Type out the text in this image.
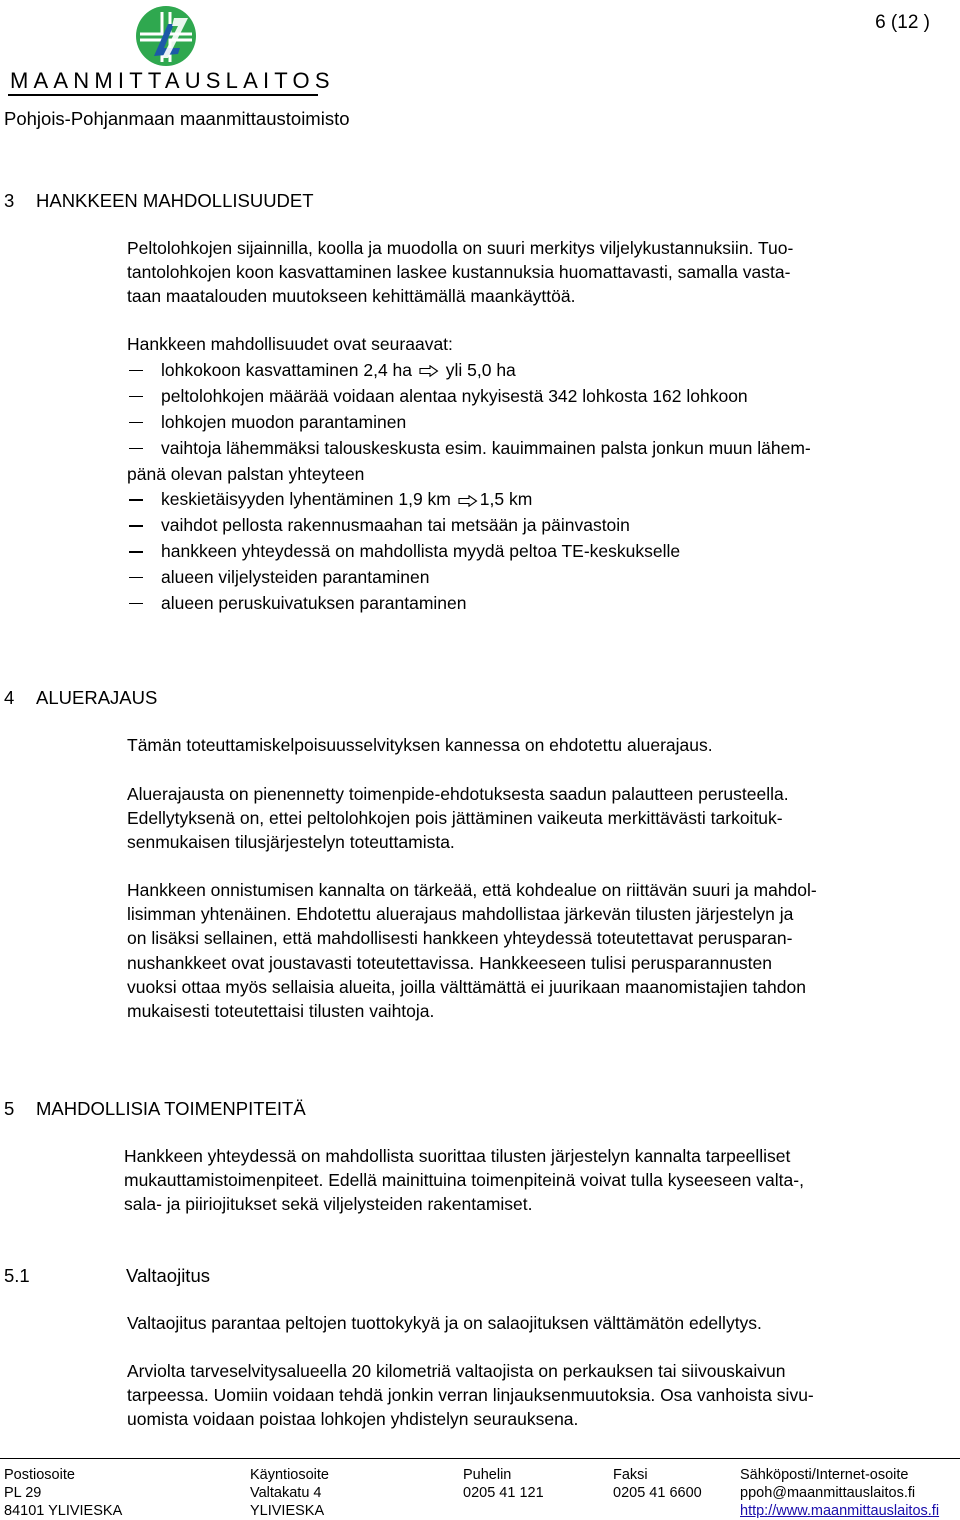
MAANMITTAUSLAITOS
Pohjois-Pohjanmaan maanmittaustoimisto
6 (12 )
3 HANKKEEN MAHDOLLISUUDET
Peltolohkojen sijainnilla, koolla ja muodolla on suuri merkitys viljelykustannuksiin. Tuo-
tantolohkojen koon kasvattaminen laskee kustannuksia huomattavasti, samalla vasta-
taan maatalouden muutokseen kehittämällä maankäyttöä.
Hankkeen mahdollisuudet ovat seuraavat:
lohkokoon kasvattaminen 2,4 ha yli 5,0 ha
peltolohkojen määrää voidaan alentaa nykyisestä 342 lohkosta 162 lohkoon
lohkojen muodon parantaminen
vaihtoja lähemmäksi talouskeskusta esim. kauimmainen palsta jonkun muun lähem-
pänä olevan palstan yhteyteen
keskietäisyyden lyhentäminen 1,9 km 1,5 km
vaihdot pellosta rakennusmaahan tai metsään ja päinvastoin
hankkeen yhteydessä on mahdollista myydä peltoa TE-keskukselle
alueen viljelysteiden parantaminen
alueen peruskuivatuksen parantaminen
4 ALUERAJAUS
Tämän toteuttamiskelpoisuusselvityksen kannessa on ehdotettu aluerajaus.
Aluerajausta on pienennetty toimenpide-ehdotuksesta saadun palautteen perusteella.
Edellytyksenä on, ettei peltolohkojen pois jättäminen vaikeuta merkittävästi tarkoituk-
senmukaisen tilusjärjestelyn toteuttamista.
Hankkeen onnistumisen kannalta on tärkeää, että kohdealue on riittävän suuri ja mahdol-
lisimman yhtenäinen. Ehdotettu aluerajaus mahdollistaa järkevän tilusten järjestelyn ja
on lisäksi sellainen, että mahdollisesti hankkeen yhteydessä toteutettavat perusparan-
nushankkeet ovat joustavasti toteutettavissa. Hankkeeseen tulisi perusparannusten
vuoksi ottaa myös sellaisia alueita, joilla välttämättä ei juurikaan maanomistajien tahdon
mukaisesti toteutettaisi tilusten vaihtoja.
5 MAHDOLLISIA TOIMENPITEITÄ
Hankkeen yhteydessä on mahdollista suorittaa tilusten järjestelyn kannalta tarpeelliset
mukauttamistoimenpiteet. Edellä mainittuina toimenpiteinä voivat tulla kyseeseen valta-,
sala- ja piiriojitukset sekä viljelysteiden rakentamiset.
5.1	Valtaojitus
Valtaojitus parantaa peltojen tuottokykyä ja on salaojituksen välttämätön edellytys.
Arviolta tarveselvitysalueella 20 kilometriä valtaojista on perkauksen tai siivouskaivun
tarpeessa. Uomiin voidaan tehdä jonkin verran linjauksenmuutoksia. Osa vanhoista sivu-
uomista voidaan poistaa lohkojen yhdistelyn seurauksena.
Postiosoite
PL 29
84101 YLIVIESKA
Käyntiosoite
Valtakatu 4
YLIVIESKA
Puhelin
0205 41 121
Faksi
0205 41 6600
Sähköposti/Internet-osoite
ppoh@maanmittauslaitos.fi
http://www.maanmittauslaitos.fi
